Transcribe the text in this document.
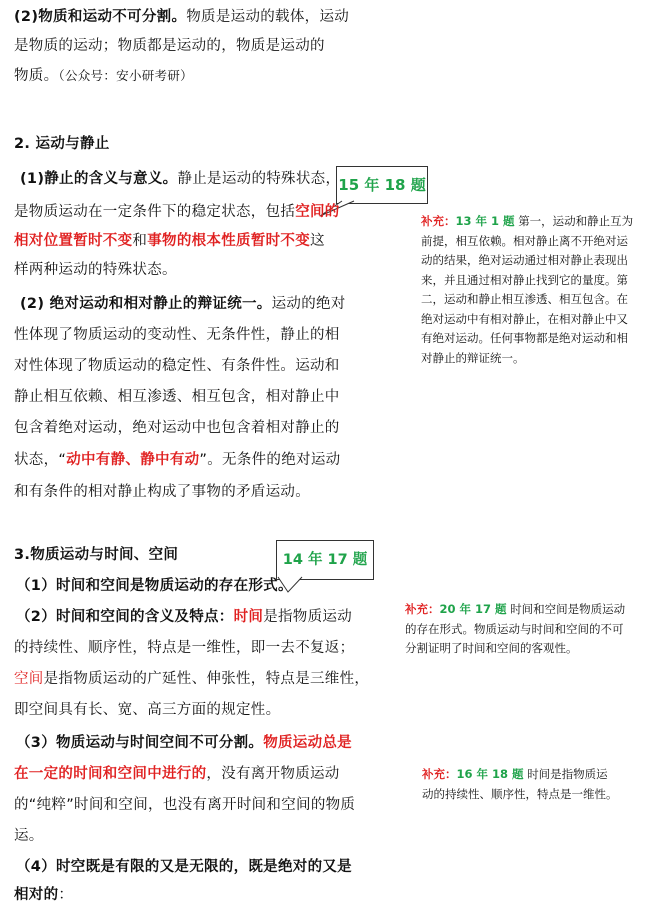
(2)物质和运动不可分割。物质是运动的载体，运动
是物质的运动；物质都是运动的，物质是运动的
物质。（公众号：安小研考研）
2. 运动与静止
15 年 18 题
(1)静止的含义与意义。静止是运动的特殊状态，
是物质运动在一定条件下的稳定状态，包括空间的
相对位置暂时不变和事物的根本性质暂时不变这
样两种运动的特殊状态。
(2) 绝对运动和相对静止的辩证统一。运动的绝对
性体现了物质运动的变动性、无条件性，静止的相
对性体现了物质运动的稳定性、有条件性。运动和
静止相互依赖、相互渗透、相互包含，相对静止中
包含着绝对运动，绝对运动中也包含着相对静止的
状态，“动中有静、静中有动”。无条件的绝对运动
和有条件的相对静止构成了事物的矛盾运动。
补充：13 年 1 题 第一，运动和静止互为
前提，相互依赖。相对静止离不开绝对运
动的结果，绝对运动通过相对静止表现出
来，并且通过相对静止找到它的量度。第
二，运动和静止相互渗透、相互包含。在
绝对运动中有相对静止，在相对静止中又
有绝对运动。任何事物都是绝对运动和相
对静止的辩证统一。
3.物质运动与时间、空间	14 年 17 题
（1）时间和空间是物质运动的存在形式。
（2）时间和空间的含义及特点：时间是指物质运动
的持续性、顺序性，特点是一维性，即一去不复返；
空间是指物质运动的广延性、伸张性，特点是三维性，
即空间具有长、宽、高三方面的规定性。
（3）物质运动与时间空间不可分割。物质运动总是
在一定的时间和空间中进行的，没有离开物质运动
的“纯粹”时间和空间，也没有离开时间和空间的物质
运。
（4）时空既是有限的又是无限的，既是绝对的又是
相对的：
补充：20 年 17 题 时间和空间是物质运动
的存在形式。物质运动与时间和空间的不可
分割证明了时间和空间的客观性。
补充：16 年 18 题 时间是指物质运
动的持续性、顺序性，特点是一维性。
